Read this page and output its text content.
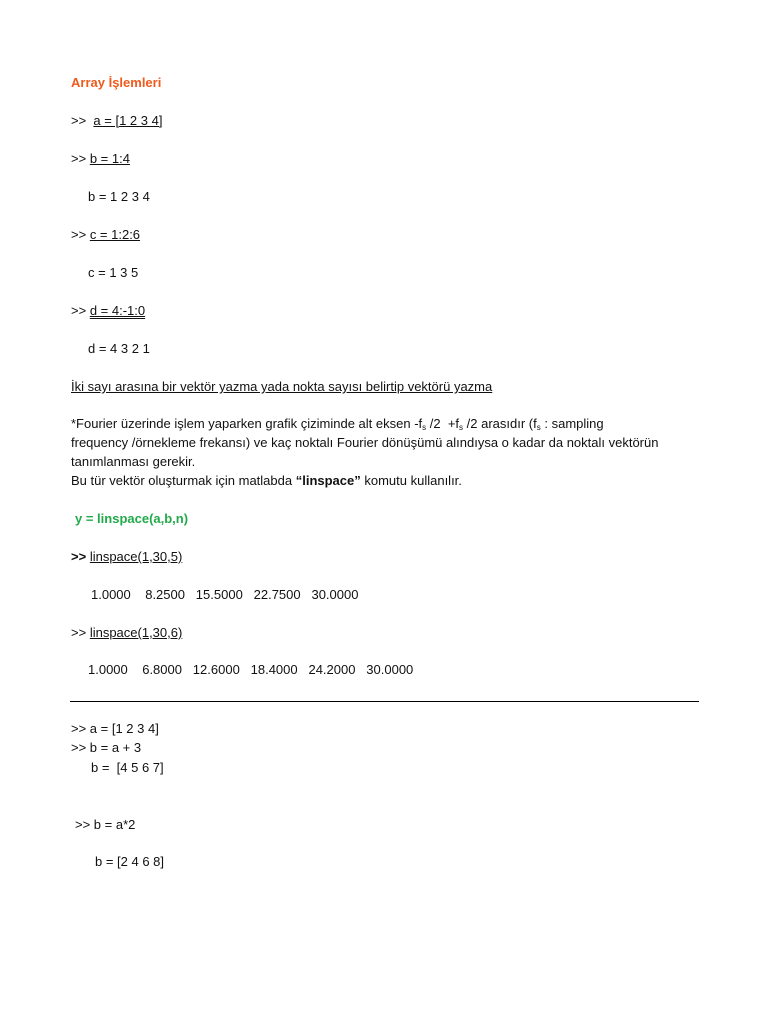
Array İşlemleri
>> a = [1 2 3 4]
>> b = 1:4
b = 1 2 3 4
>> c = 1:2:6
c = 1 3 5
>> d = 4:-1:0
d = 4 3 2 1
İki sayı arasına bir vektör yazma yada nokta sayısı belirtip vektörü yazma
*Fourier üzerinde işlem yaparken grafik çiziminde alt eksen $-f_s$ $/2 +f_s$ /2 arasıdır ($f_s$ : sampling
frequency /örnekleme frekansı) ve kaç noktalı Fourier dönüşümü alındıysa o kadar da noktalı vektörün
tanımlanması gerekir.
Bu tür vektör oluşturmak için matlabda “linspace” komutu kullanılır.
y = linspace(a,b,n)
>> linspace(1,30,5)
1.0000    8.2500   15.5000   22.7500   30.0000
>> linspace(1,30,6)
1.0000    6.8000   12.6000   18.4000   24.2000   30.0000
>> a = [1 2 3 4]
>> b = a + 3
b =  [4 5 6 7]
>> b = a*2
b = [2 4 6 8]
